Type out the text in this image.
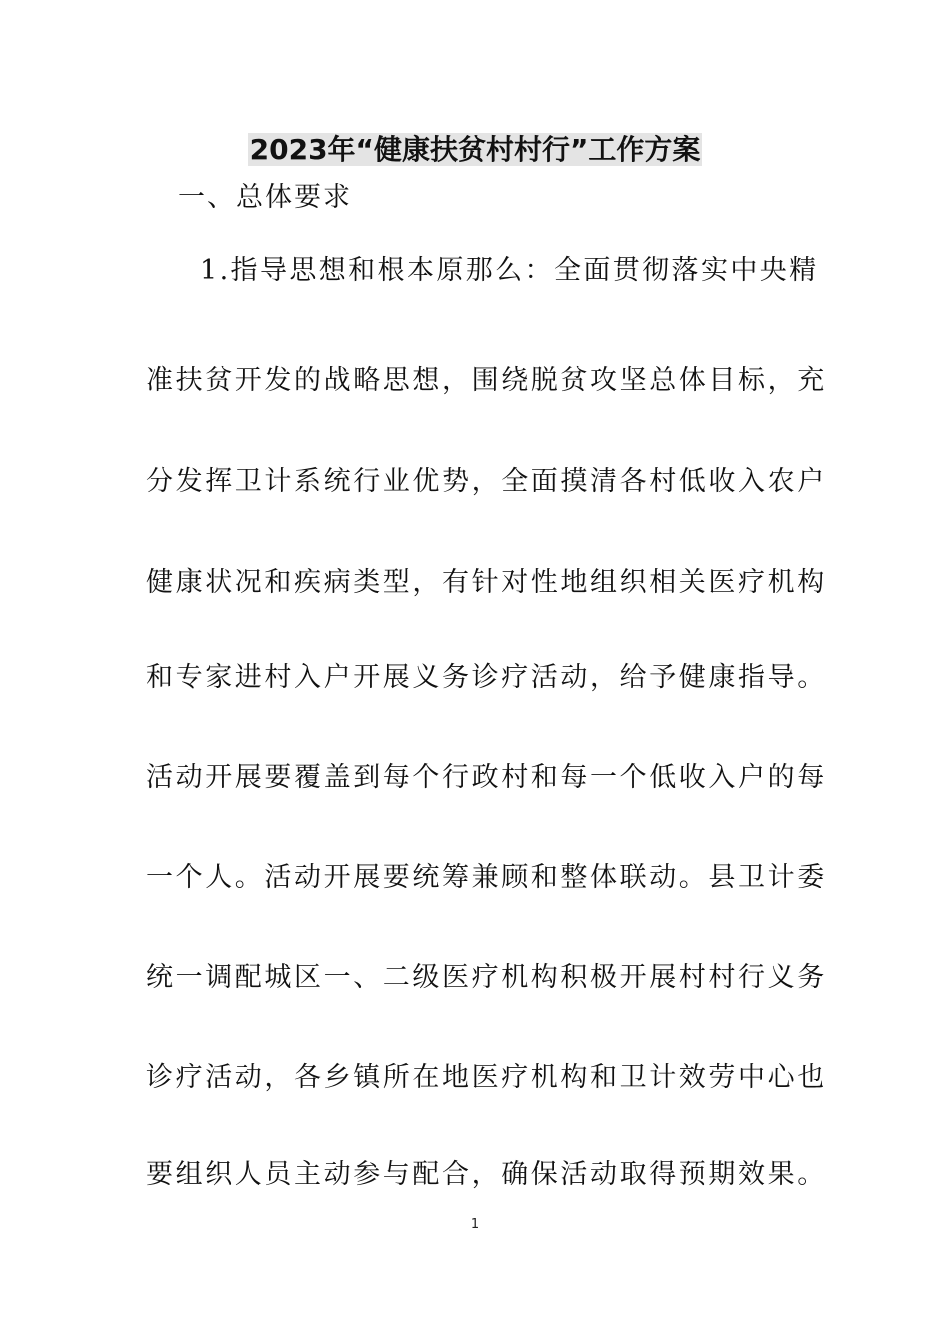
2023年“健康扶贫村村行”工作方案
一、总体要求
1.指导思想和根本原那么：全面贯彻落实中央精
准扶贫开发的战略思想，围绕脱贫攻坚总体目标，充
分发挥卫计系统行业优势，全面摸清各村低收入农户
健康状况和疾病类型，有针对性地组织相关医疗机构
和专家进村入户开展义务诊疗活动，给予健康指导。
活动开展要覆盖到每个行政村和每一个低收入户的每
一个人。活动开展要统筹兼顾和整体联动。县卫计委
统一调配城区一、二级医疗机构积极开展村村行义务
诊疗活动，各乡镇所在地医疗机构和卫计效劳中心也
要组织人员主动参与配合，确保活动取得预期效果。
1
